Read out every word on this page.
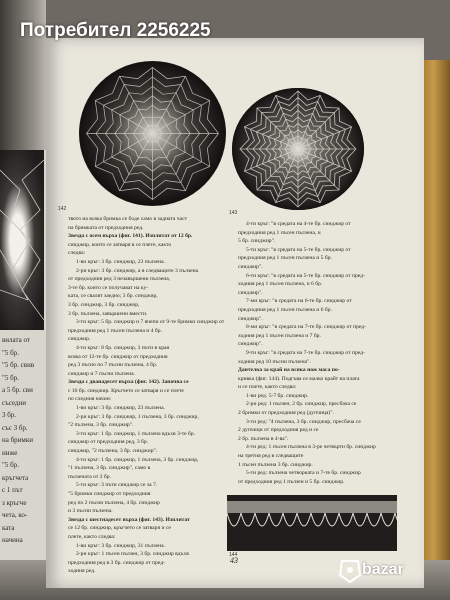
вилата от
"5 бр.
"5 бр. свив
"5 бр.
а 5 бр. сви
съседни
3 бр.
със 3 бр.
на бримки
ниже
"5 бр.
кръгчета
с 1 път
з кръгче
чета, ко-
ката
начина
142
143

твото на всяка бримка се боде само в задната част

на бримката от предходния ред.

Звезда с осем върха (фиг. 141). Изплитат от 12 бр.

синджир, които се затваря в се плете, както

следва:

1-ви кръг: 3 бр. синджир, 23 пълзена.

2-ри кръг: 3 бр. синджир, а в следващите 3 пълзена

от предходния ред 3 незавършени пълзена,

3-те бр. които се получават на ку-

ката, се свалят заедно; 3 бр. синджир,

3 бр. синджир, 3 бр. синджир,

3 бр. пълзена, завършени вмести.

3-ти кръг: 5 бр. синджир и 7 вчепи от 9-те бримки синджир от

предходния ред 1 пъсен пълзена и 4 бр.

синджир.

4-ти кръг: 8 бр. синджир, 3 пъти в края

всяка от 12-те бр. синджир от предходния

ред 3 пъсно по 7 пъсни пълзена, 4 бр.

синджир и 7 пъсни пълзена.

Звезда с дванадесет върха (фиг. 142). Започва се

с 10 бр. синджир. Кръгчето се затваря и се плете

по следния начин:

1-ви кръг: 3 бр. синджир, 23 пълзена.

2-ри кръг: 3 бр. синджир, 1 пълзена, 3 бр. синджир,

"2 пълзена, 3 бр. синджир".

3-ти кръг: 1 бр. синджир, 1 пълзена вдъхв 3-те бр.

синджир от предходния ред, 3 бр.

синджир, "2 пълзена, 3 бр. синджир".

4-ти кръг: 1 бр. синджир, 1 пълзена, 3 бр. синджир,

"1 пълзена, 3 бр. синджир", само в

пълзената от 3 бр.

5-ти кръг: 3 пъти синджир се за 7.

"5 бримки синджир от предходния

ред по 2 пъсни пълзена, 4 бр. синджир

и 3 пъсни пълзена.

Звезда с шестнадесет върха (фиг. 143). Изплитат

се 12 бр. синджир, кръгчето се затваря и се

плете, както следва:

1-ви кръг: 3 бр. синджир, 31 пълзена.

2-ри кръг: 1 пъсен пълзен, 3 бр. синджир вдъхв

предходния ред в 3 бр. синджир от пред-

ходния ред.

4-ти кръг: "в средата на 4-те бр. синджир от

предходния ред 1 пъсен пълзена, и

5 бр. синджир".

5-ти кръг: "в средата на 5-те бр. синджир от

предходния ред 1 пъсен пълзена и 5 бр.

синджир".

6-ти кръг: "в средата на 5-те бр. синджир от пред-

ходния ред 1 пъсен пълзена, и 6 бр.

синджир".

7-ми кръг: "в средата на 6-те бр. синджир от

предходния ред 1 пъсен пълзена и 6 бр.

синджир".

8-ми кръг: "в средата на 7-те бр. синджир от пред-

ходния ред 1 пъсен пълзена и 7 бр.

синджир".

9-ти кръг: "в средата на 7-те бр. синджир от пред-

ходния ред 10 пъсни пълзена".

Дантелка за край на всяка нож маса по-

кривка (фиг. 144). Подгъва се малко крайт на плата

и се плете, както следва:

1-ви ред: 5-7 бр. синджир.

2-ри ред: 1 пълзен, 2 бр. синджир, пресбача се

2 бримки от предходния ред (дупчица)".

3-ти ред: "4 пълзена, 3 бр. синджир, пресбача се

2 дупчици от предходния ред и се

2 бр. пълзена в 4-ва".

4-ти ред: 1 пъсен пълзена в 3-ре четвърти бр. синджир

на третия ред в следващите

1 пъсен пълзена 3 бр. синджир.

5-ти ред: пълзена четворката и 7-те бр. синджир

от предходния ред 1 пълзен и 5 бр. синджир.

144
43
Потребител 2256225
bazar
